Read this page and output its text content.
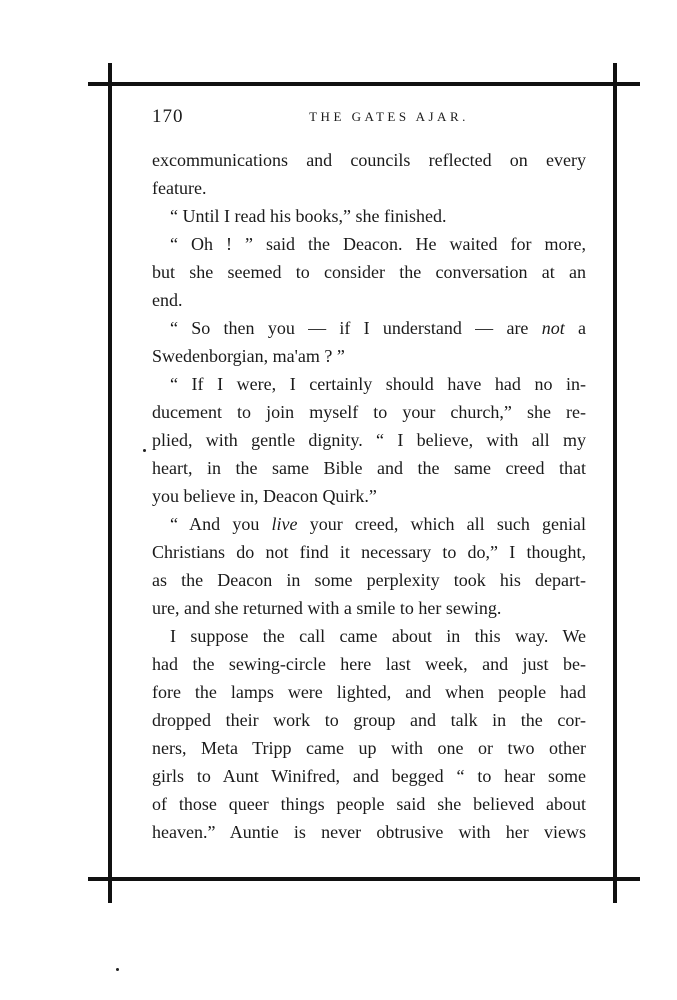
170	THE GATES AJAR.
excommunications and councils reflected on every
feature.
“ Until I read his books,” she finished.
“ Oh ! ” said the Deacon. He waited for more,
but she seemed to consider the conversation at an
end.
“ So then you — if I understand — are not a
Swedenborgian, ma'am ? ”
“ If I were, I certainly should have had no in-
ducement to join myself to your church,” she re-
plied, with gentle dignity. “ I believe, with all my
heart, in the same Bible and the same creed that
you believe in, Deacon Quirk.”
“ And you live your creed, which all such genial
Christians do not find it necessary to do,” I thought,
as the Deacon in some perplexity took his depart-
ure, and she returned with a smile to her sewing.
I suppose the call came about in this way. We
had the sewing-circle here last week, and just be-
fore the lamps were lighted, and when people had
dropped their work to group and talk in the cor-
ners, Meta Tripp came up with one or two other
girls to Aunt Winifred, and begged “ to hear some
of those queer things people said she believed about
heaven.” Auntie is never obtrusive with her views
